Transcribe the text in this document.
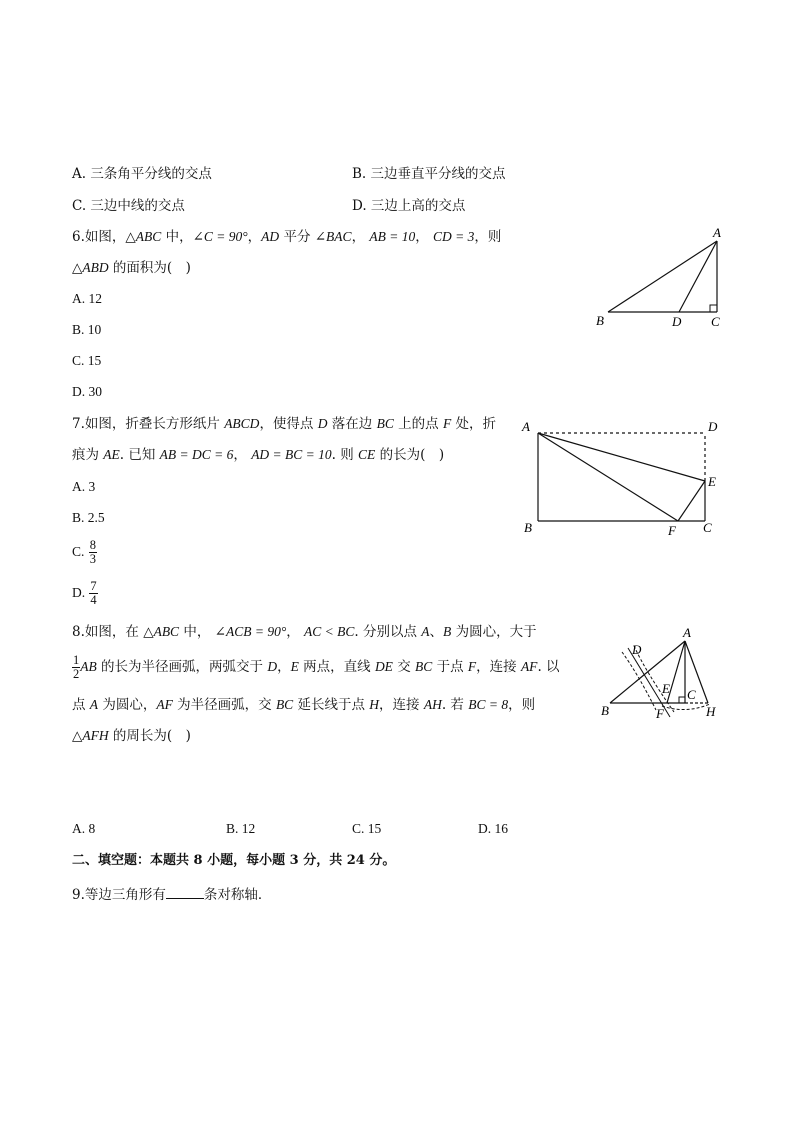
A. 三条角平分线的交点	B. 三边垂直平分线的交点
C. 三边中线的交点	D. 三边上高的交点
6.如图，△ABC 中，∠C = 90°，AD 平分 ∠BAC， AB = 10， CD = 3，则
△ABD 的面积为(　)
A. 12
B. 10
C. 15
D. 30
A
B	D C
7.如图，折叠长方形纸片 ABCD，使得点 D 落在边 BC 上的点 F 处，折
痕为 AE. 已知 AB = DC = 6， AD = BC = 10. 则 CE 的长为(　)
A. 3
B. 2.5
C. $\frac{8}{3}$
D. $\frac{7}{4}$
A	D
E
B	F C
8.如图，在 △ABC 中， ∠ACB = 90°， AC < BC. 分别以点 A、B 为圆心，大于
$\frac{1}{2}$ AB 的长为半径画弧，两弧交于 D，E 两点，直线 DE 交 BC 于点 F，连接 AF. 以
点 A 为圆心，AF 为半径画弧，交 BC 延长线于点 H，连接 AH. 若 BC = 8，则
△AFH 的周长为(　)
A
D
E C
B	F	H
A. 8	B. 12	C. 15	D. 16
二、填空题：本题共 8 小题，每小题 3 分，共 24 分。
9.等边三角形有	条对称轴．
